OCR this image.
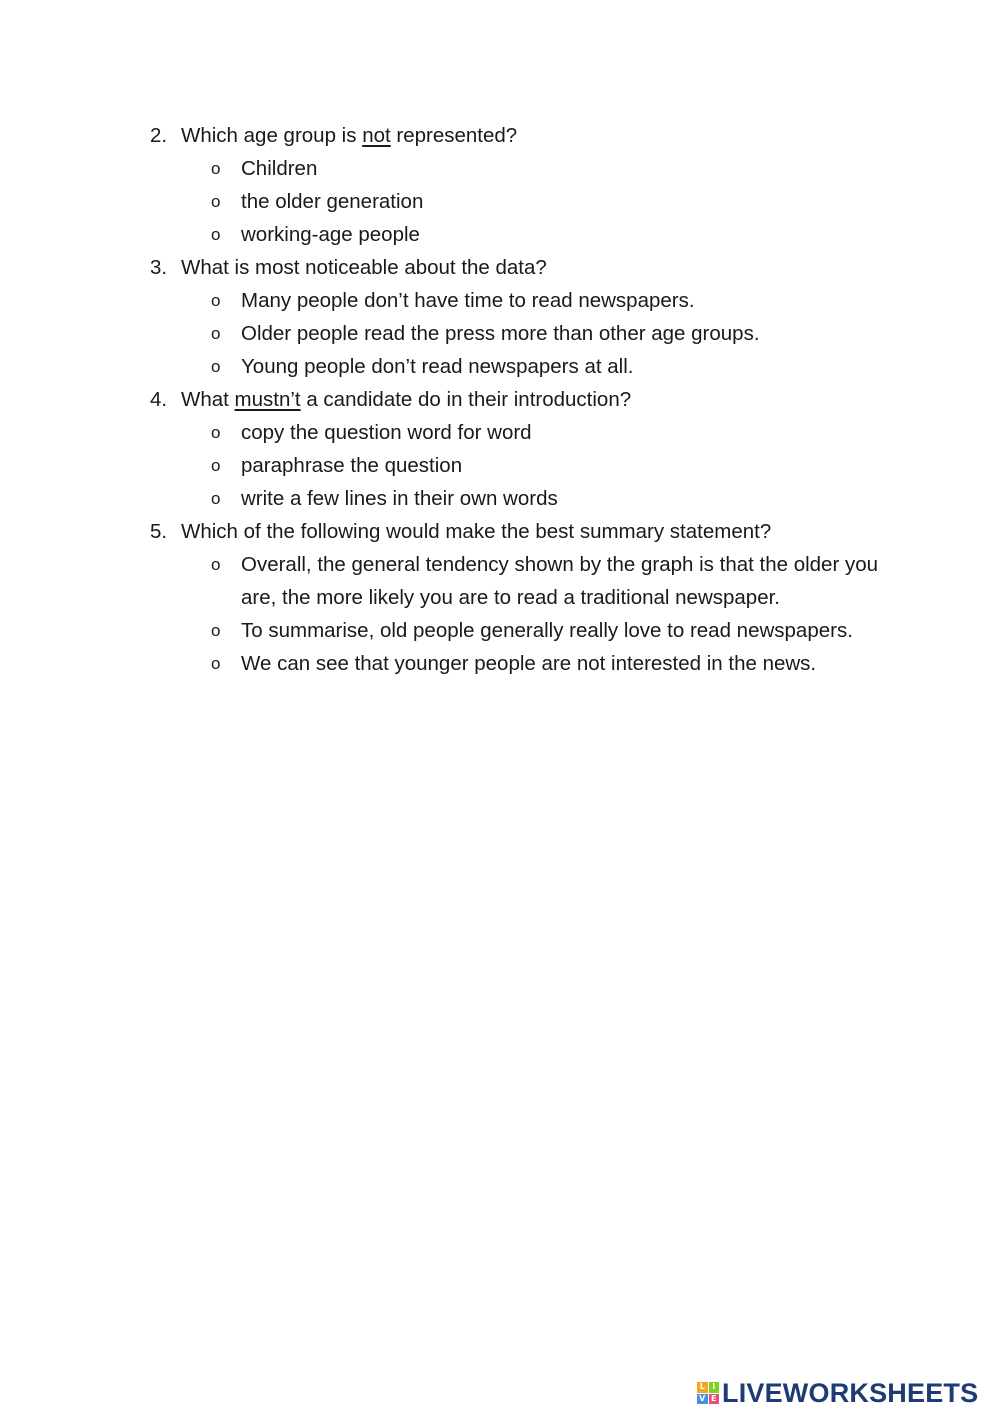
2. Which age group is not represented?
o Children
o the older generation
o working-age people
3. What is most noticeable about the data?
o Many people don’t have time to read newspapers.
o Older people read the press more than other age groups.
o Young people don’t read newspapers at all.
4. What mustn’t a candidate do in their introduction?
o copy the question word for word
o paraphrase the question
o write a few lines in their own words
5. Which of the following would make the best summary statement?
o Overall, the general tendency shown by the graph is that the older you are, the more likely you are to read a traditional newspaper.
o To summarise, old people generally really love to read newspapers.
o We can see that younger people are not interested in the news.
L I
V E LIVEWORKSHEETS
